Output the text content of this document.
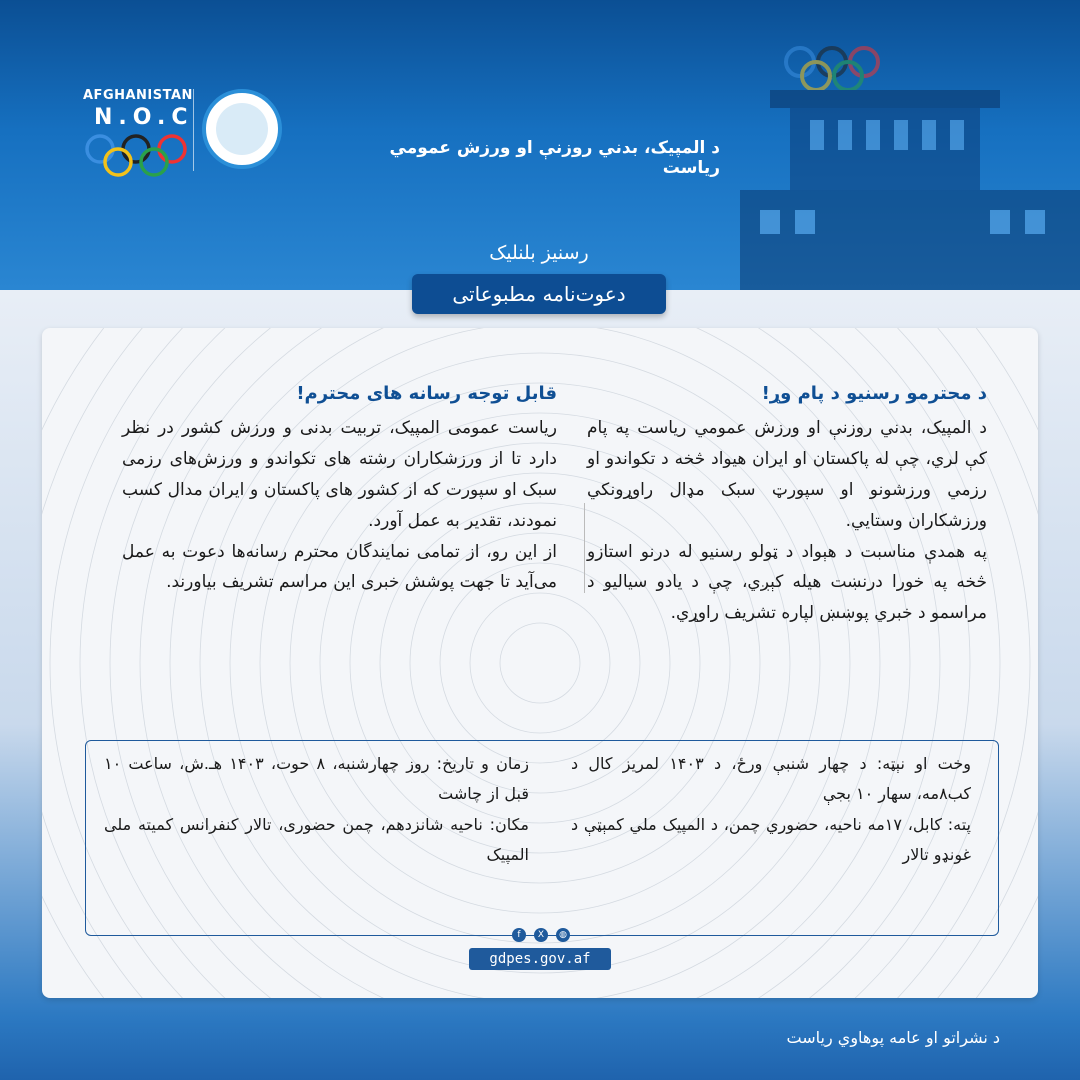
AFGHANISTAN
N.O.C
د المپیک، بدني روزنې او ورزش عمومي ریاست
رسنیز بلنلیک
دعوت‌نامه مطبوعاتی
د محترمو رسنیو د پام وړ!
د المپیک، بدني روزنې او ورزش عمومي ریاست په پام کې لري، چې له پاکستان او ایران هیواد څخه د تکواندو او رزمي ورزشونو او سپورټ سبک مډال راوړونکي ورزشکاران وستایي.
په همدې مناسبت د هېواد د ټولو رسنیو له درنو استازو څخه په خورا درنښت هیله کېږي، چې د یادو سیالیو د مراسمو د خبري پوښښ لپاره تشریف راوړي.
قابل توجه رسانه های محترم!
ریاست عمومی المپیک، تربیت بدنی و ورزش کشور در نظر دارد تا از ورزشکاران رشته های تکواندو و ورزش‌های رزمی سبک او سپورت که از کشور های پاکستان و ایران مدال کسب نمودند، تقدیر به عمل آورد.
از این رو، از تمامی نمایندگان محترم رسانه‌ها دعوت به عمل می‌آید تا جهت پوشش خبری این مراسم تشریف بیاورند.
وخت او نېټه: د چهار شنبې ورځ، د ۱۴۰۳ لمریز کال د کب۸مه، سهار ۱۰ بجې
پته: کابل، ۱۷مه ناحیه، حضوري چمن، د المپیک ملي کمېټې د غونډو تالار
زمان و تاریخ: روز چهارشنبه، ۸ حوت، ۱۴۰۳ هـ.ش، ساعت ۱۰ قبل از چاشت
مکان: ناحیه شانزدهم، چمن حضوری، تالار کنفرانس کمیته ملی المپیک
f	X	◍
gdpes.gov.af
د نشراتو او عامه پوهاوي ریاست
